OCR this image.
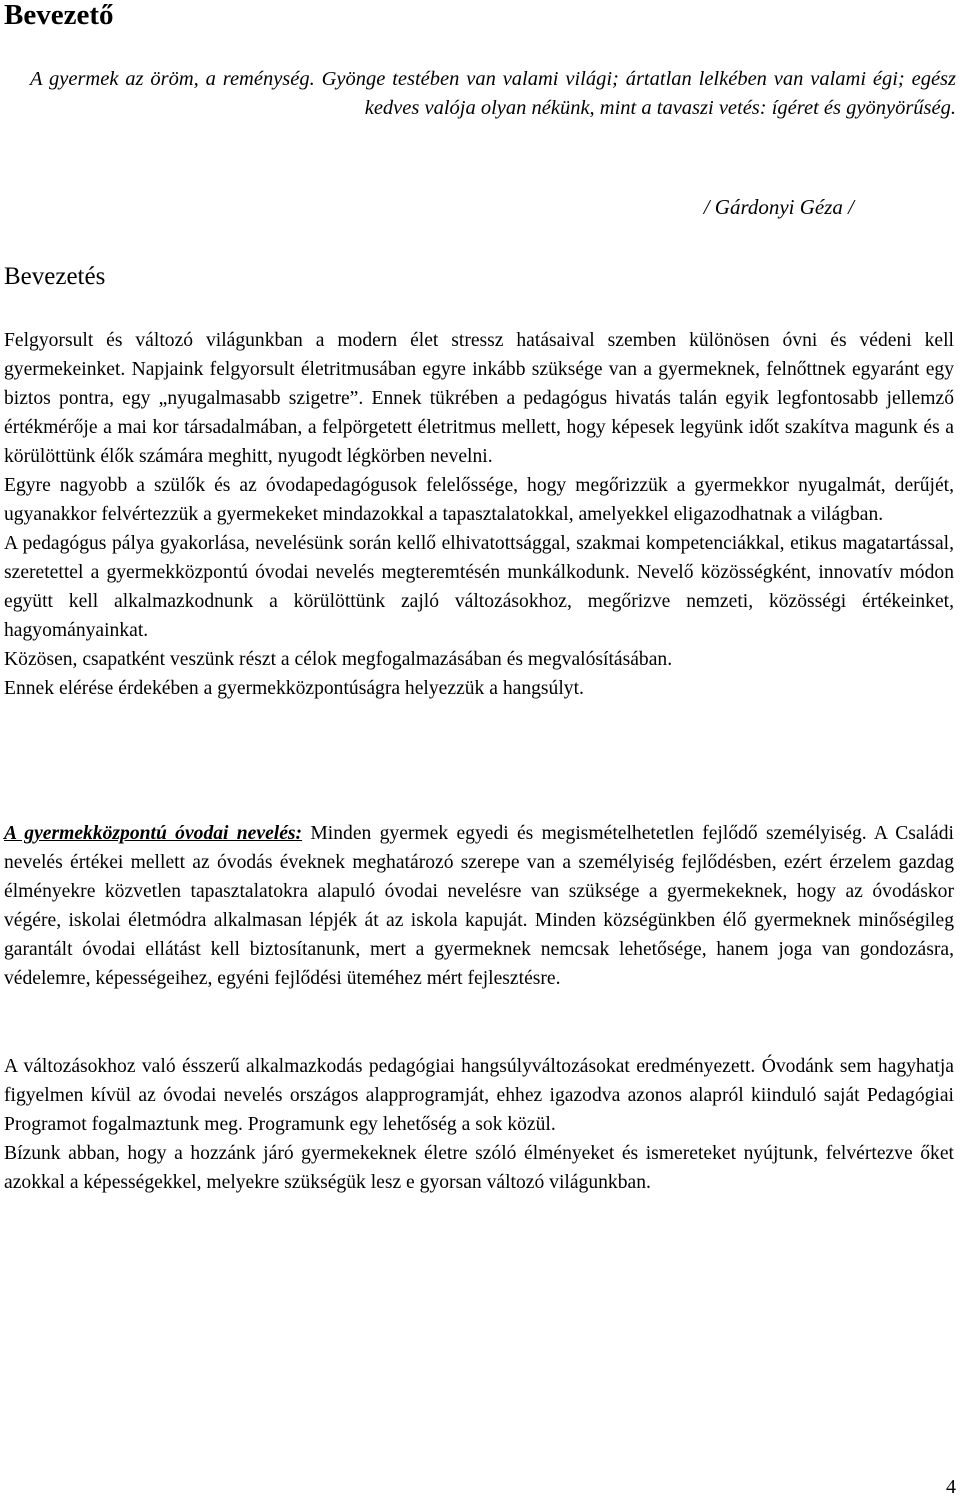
Bevezető

A gyermek az öröm, a reménység. Gyönge testében van valami világi; ártatlan lelkében van valami égi; egész kedves valója olyan nékünk, mint a tavaszi vetés: ígéret és gyönyörűség.

/ Gárdonyi Géza /

Bevezetés

Felgyorsult és változó világunkban a modern élet stressz hatásaival szemben különösen óvni és védeni kell gyermekeinket. Napjaink felgyorsult életritmusában egyre inkább szüksége van a gyermeknek, felnőttnek egyaránt egy biztos pontra, egy „nyugalmasabb szigetre”. Ennek tükrében a pedagógus hivatás talán egyik legfontosabb jellemző értékmérője a mai kor társadalmában, a felpörgetett életritmus mellett, hogy képesek legyünk időt szakítva magunk és a körülöttünk élők számára meghitt, nyugodt légkörben nevelni.

Egyre nagyobb a szülők és az óvodapedagógusok felelőssége, hogy megőrizzük a gyermekkor nyugalmát, derűjét, ugyanakkor felvértezzük a gyermekeket mindazokkal a tapasztalatokkal, amelyekkel eligazodhatnak a világban.

A pedagógus pálya gyakorlása, nevelésünk során kellő elhivatottsággal, szakmai kompetenciákkal, etikus magatartással, szeretettel a gyermekközpontú óvodai nevelés megteremtésén munkálkodunk. Nevelő közösségként, innovatív módon együtt kell alkalmazkodnunk a körülöttünk zajló változásokhoz, megőrizve nemzeti, közösségi értékeinket, hagyományainkat.

Közösen, csapatként veszünk részt a célok megfogalmazásában és megvalósításában.

Ennek elérése érdekében a gyermekközpontúságra helyezzük a hangsúlyt.

A gyermekközpontú óvodai nevelés: Minden gyermek egyedi és megismételhetetlen fejlődő személyiség. A Családi nevelés értékei mellett az óvodás éveknek meghatározó szerepe van a személyiség fejlődésben, ezért érzelem gazdag élményekre közvetlen tapasztalatokra alapuló óvodai nevelésre van szüksége a gyermekeknek, hogy az óvodáskor végére, iskolai életmódra alkalmasan lépjék át az iskola kapuját. Minden községünkben élő gyermeknek minőségileg garantált óvodai ellátást kell biztosítanunk, mert a gyermeknek nemcsak lehetősége, hanem joga van gondozásra, védelemre, képességeihez, egyéni fejlődési üteméhez mért fejlesztésre.

A változásokhoz való ésszerű alkalmazkodás pedagógiai hangsúlyváltozásokat eredményezett. Óvodánk sem hagyhatja figyelmen kívül az óvodai nevelés országos alapprogramját, ehhez igazodva azonos alapról kiinduló saját Pedagógiai Programot fogalmaztunk meg. Programunk egy lehetőség a sok közül.

Bízunk abban, hogy a hozzánk járó gyermekeknek életre szóló élményeket és ismereteket nyújtunk, felvértezve őket azokkal a képességekkel, melyekre szükségük lesz e gyorsan változó világunkban.

4
